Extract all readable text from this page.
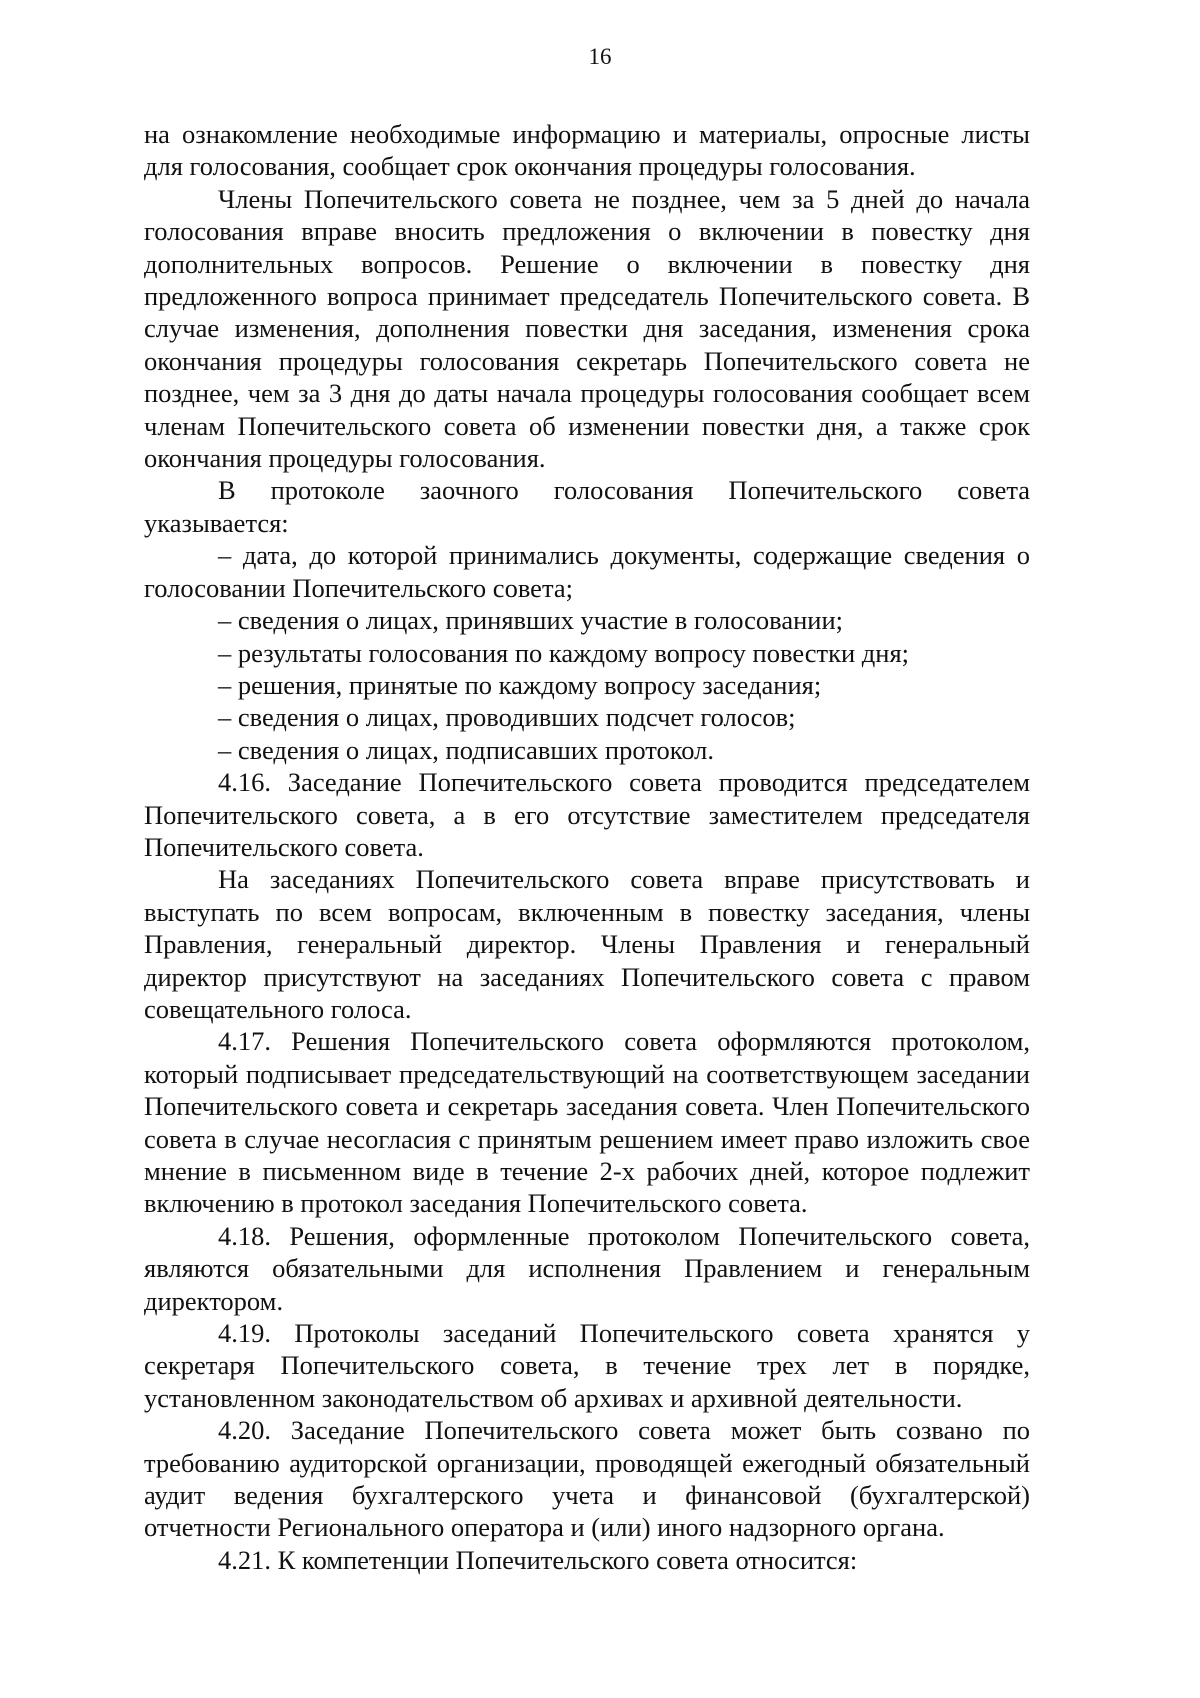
16

на ознакомление необходимые информацию и материалы, опросные листы для голосования, сообщает срок окончания процедуры голосования.

Члены Попечительского совета не позднее, чем за 5 дней до начала голосования вправе вносить предложения о включении в повестку дня дополнительных вопросов. Решение о включении в повестку дня предложенного вопроса принимает председатель Попечительского совета. В случае изменения, дополнения повестки дня заседания, изменения срока окончания процедуры голосования секретарь Попечительского совета не позднее, чем за 3 дня до даты начала процедуры голосования сообщает всем членам Попечительского совета об изменении повестки дня, а также срок окончания процедуры голосования.

В протоколе заочного голосования Попечительского совета указывается:

– дата, до которой принимались документы, содержащие сведения о голосовании Попечительского совета;

– сведения о лицах, принявших участие в голосовании;

– результаты голосования по каждому вопросу повестки дня;

– решения, принятые по каждому вопросу заседания;

– сведения о лицах, проводивших подсчет голосов;

– сведения о лицах, подписавших протокол.

4.16. Заседание Попечительского совета проводится председателем Попечительского совета, а в его отсутствие заместителем председателя Попечительского совета.

На заседаниях Попечительского совета вправе присутствовать и выступать по всем вопросам, включенным в повестку заседания, члены Правления, генеральный директор. Члены Правления и генеральный директор присутствуют на заседаниях Попечительского совета с правом совещательного голоса.

4.17. Решения Попечительского совета оформляются протоколом, который подписывает председательствующий на соответствующем заседании Попечительского совета и секретарь заседания совета. Член Попечительского совета в случае несогласия с принятым решением имеет право изложить свое мнение в письменном виде в течение 2-х рабочих дней, которое подлежит включению в протокол заседания Попечительского совета.

4.18. Решения, оформленные протоколом Попечительского совета, являются обязательными для исполнения Правлением и генеральным директором.

4.19. Протоколы заседаний Попечительского совета хранятся у секретаря Попечительского совета, в течение трех лет в порядке, установленном законодательством об архивах и архивной деятельности.

4.20. Заседание Попечительского совета может быть созвано по требованию аудиторской организации, проводящей ежегодный обязательный аудит ведения бухгалтерского учета и финансовой (бухгалтерской) отчетности Регионального оператора и (или) иного надзорного органа.

4.21. К компетенции Попечительского совета относится:
